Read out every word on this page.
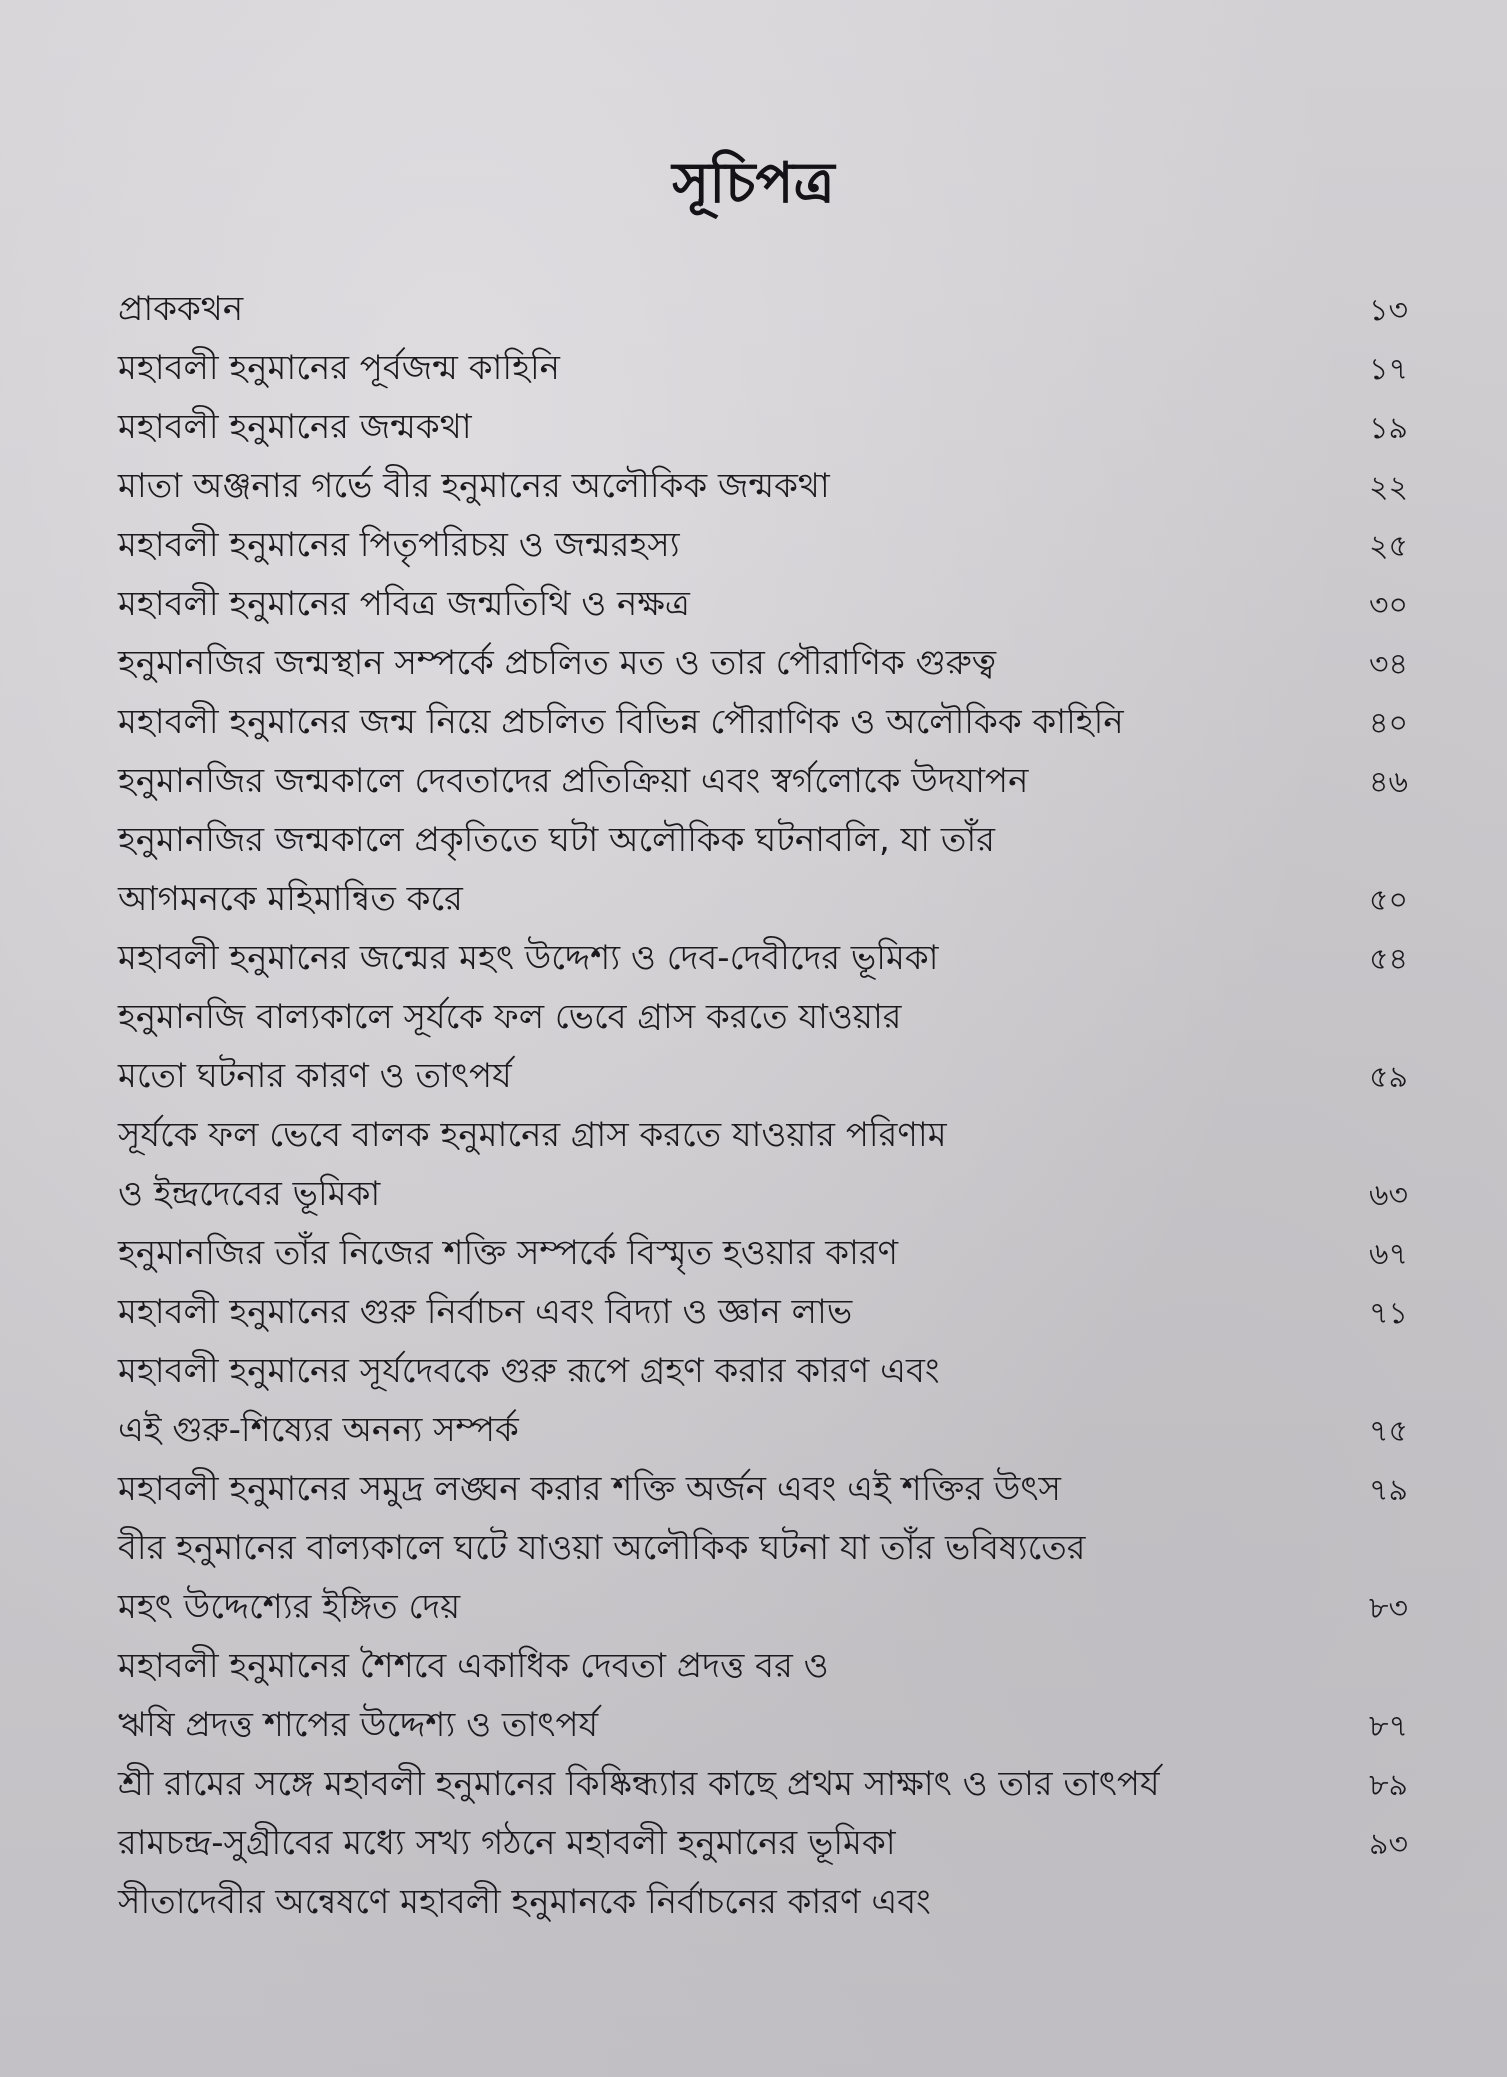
সূচিপত্র
প্রাককথন	১৩
মহাবলী হনুমানের পূর্বজন্ম কাহিনি	১৭
মহাবলী হনুমানের জন্মকথা	১৯
মাতা অঞ্জনার গর্ভে বীর হনুমানের অলৌকিক জন্মকথা	২২
মহাবলী হনুমানের পিতৃপরিচয় ও জন্মরহস্য	২৫
মহাবলী হনুমানের পবিত্র জন্মতিথি ও নক্ষত্র	৩০
হনুমানজির জন্মস্থান সম্পর্কে প্রচলিত মত ও তার পৌরাণিক গুরুত্ব	৩৪
মহাবলী হনুমানের জন্ম নিয়ে প্রচলিত বিভিন্ন পৌরাণিক ও অলৌকিক কাহিনি	৪০
হনুমানজির জন্মকালে দেবতাদের প্রতিক্রিয়া এবং স্বর্গলোকে উদযাপন	৪৬
হনুমানজির জন্মকালে প্রকৃতিতে ঘটা অলৌকিক ঘটনাবলি, যা তাঁর
আগমনকে মহিমান্বিত করে	৫০
মহাবলী হনুমানের জন্মের মহৎ উদ্দেশ্য ও দেব-দেবীদের ভূমিকা	৫৪
হনুমানজি বাল্যকালে সূর্যকে ফল ভেবে গ্রাস করতে যাওয়ার
মতো ঘটনার কারণ ও তাৎপর্য	৫৯
সূর্যকে ফল ভেবে বালক হনুমানের গ্রাস করতে যাওয়ার পরিণাম
ও ইন্দ্রদেবের ভূমিকা	৬৩
হনুমানজির তাঁর নিজের শক্তি সম্পর্কে বিস্মৃত হওয়ার কারণ	৬৭
মহাবলী হনুমানের গুরু নির্বাচন এবং বিদ্যা ও জ্ঞান লাভ	৭১
মহাবলী হনুমানের সূর্যদেবকে গুরু রূপে গ্রহণ করার কারণ এবং
এই গুরু-শিষ্যের অনন্য সম্পর্ক	৭৫
মহাবলী হনুমানের সমুদ্র লঙ্ঘন করার শক্তি অর্জন এবং এই শক্তির উৎস	৭৯
বীর হনুমানের বাল্যকালে ঘটে যাওয়া অলৌকিক ঘটনা যা তাঁর ভবিষ্যতের
মহৎ উদ্দেশ্যের ইঙ্গিত দেয়	৮৩
মহাবলী হনুমানের শৈশবে একাধিক দেবতা প্রদত্ত বর ও
ঋষি প্রদত্ত শাপের উদ্দেশ্য ও তাৎপর্য	৮৭
শ্রী রামের সঙ্গে মহাবলী হনুমানের কিষ্কিন্ধ্যার কাছে প্রথম সাক্ষাৎ ও তার তাৎপর্য	৮৯
রামচন্দ্র-সুগ্রীবের মধ্যে সখ্য গঠনে মহাবলী হনুমানের ভূমিকা	৯৩
সীতাদেবীর অন্বেষণে মহাবলী হনুমানকে নির্বাচনের কারণ এবং
